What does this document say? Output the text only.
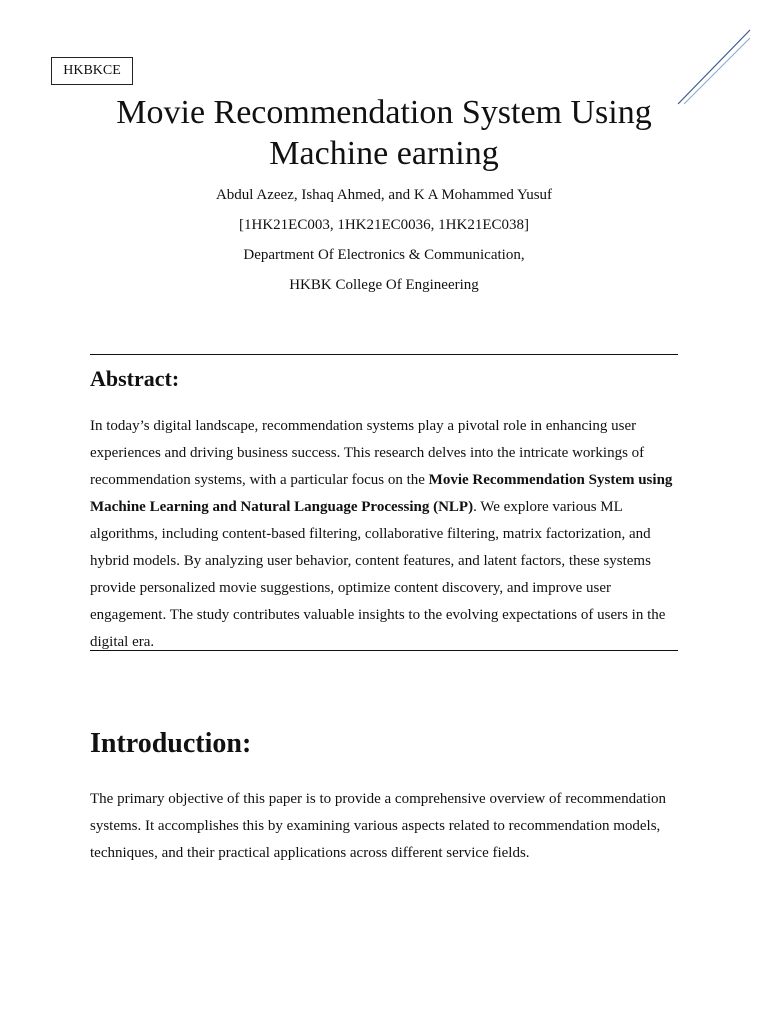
HKBKCE
Movie Recommendation System Using
Machine earning
Abdul Azeez, Ishaq Ahmed, and K A Mohammed Yusuf
[1HK21EC003, 1HK21EC0036, 1HK21EC038]
Department Of Electronics & Communication,
HKBK College Of Engineering
Abstract:

In today’s digital landscape, recommendation systems play a pivotal role in enhancing user experiences and driving business success. This research delves into the intricate workings of recommendation systems, with a particular focus on the Movie Recommendation System using Machine Learning and Natural Language Processing (NLP). We explore various ML algorithms, including content-based filtering, collaborative filtering, matrix factorization, and hybrid models. By analyzing user behavior, content features, and latent factors, these systems provide personalized movie suggestions, optimize content discovery, and improve user engagement. The study contributes valuable insights to the evolving expectations of users in the digital era.

Introduction:

The primary objective of this paper is to provide a comprehensive overview of recommendation systems. It accomplishes this by examining various aspects related to recommendation models, techniques, and their practical applications across different service fields.
